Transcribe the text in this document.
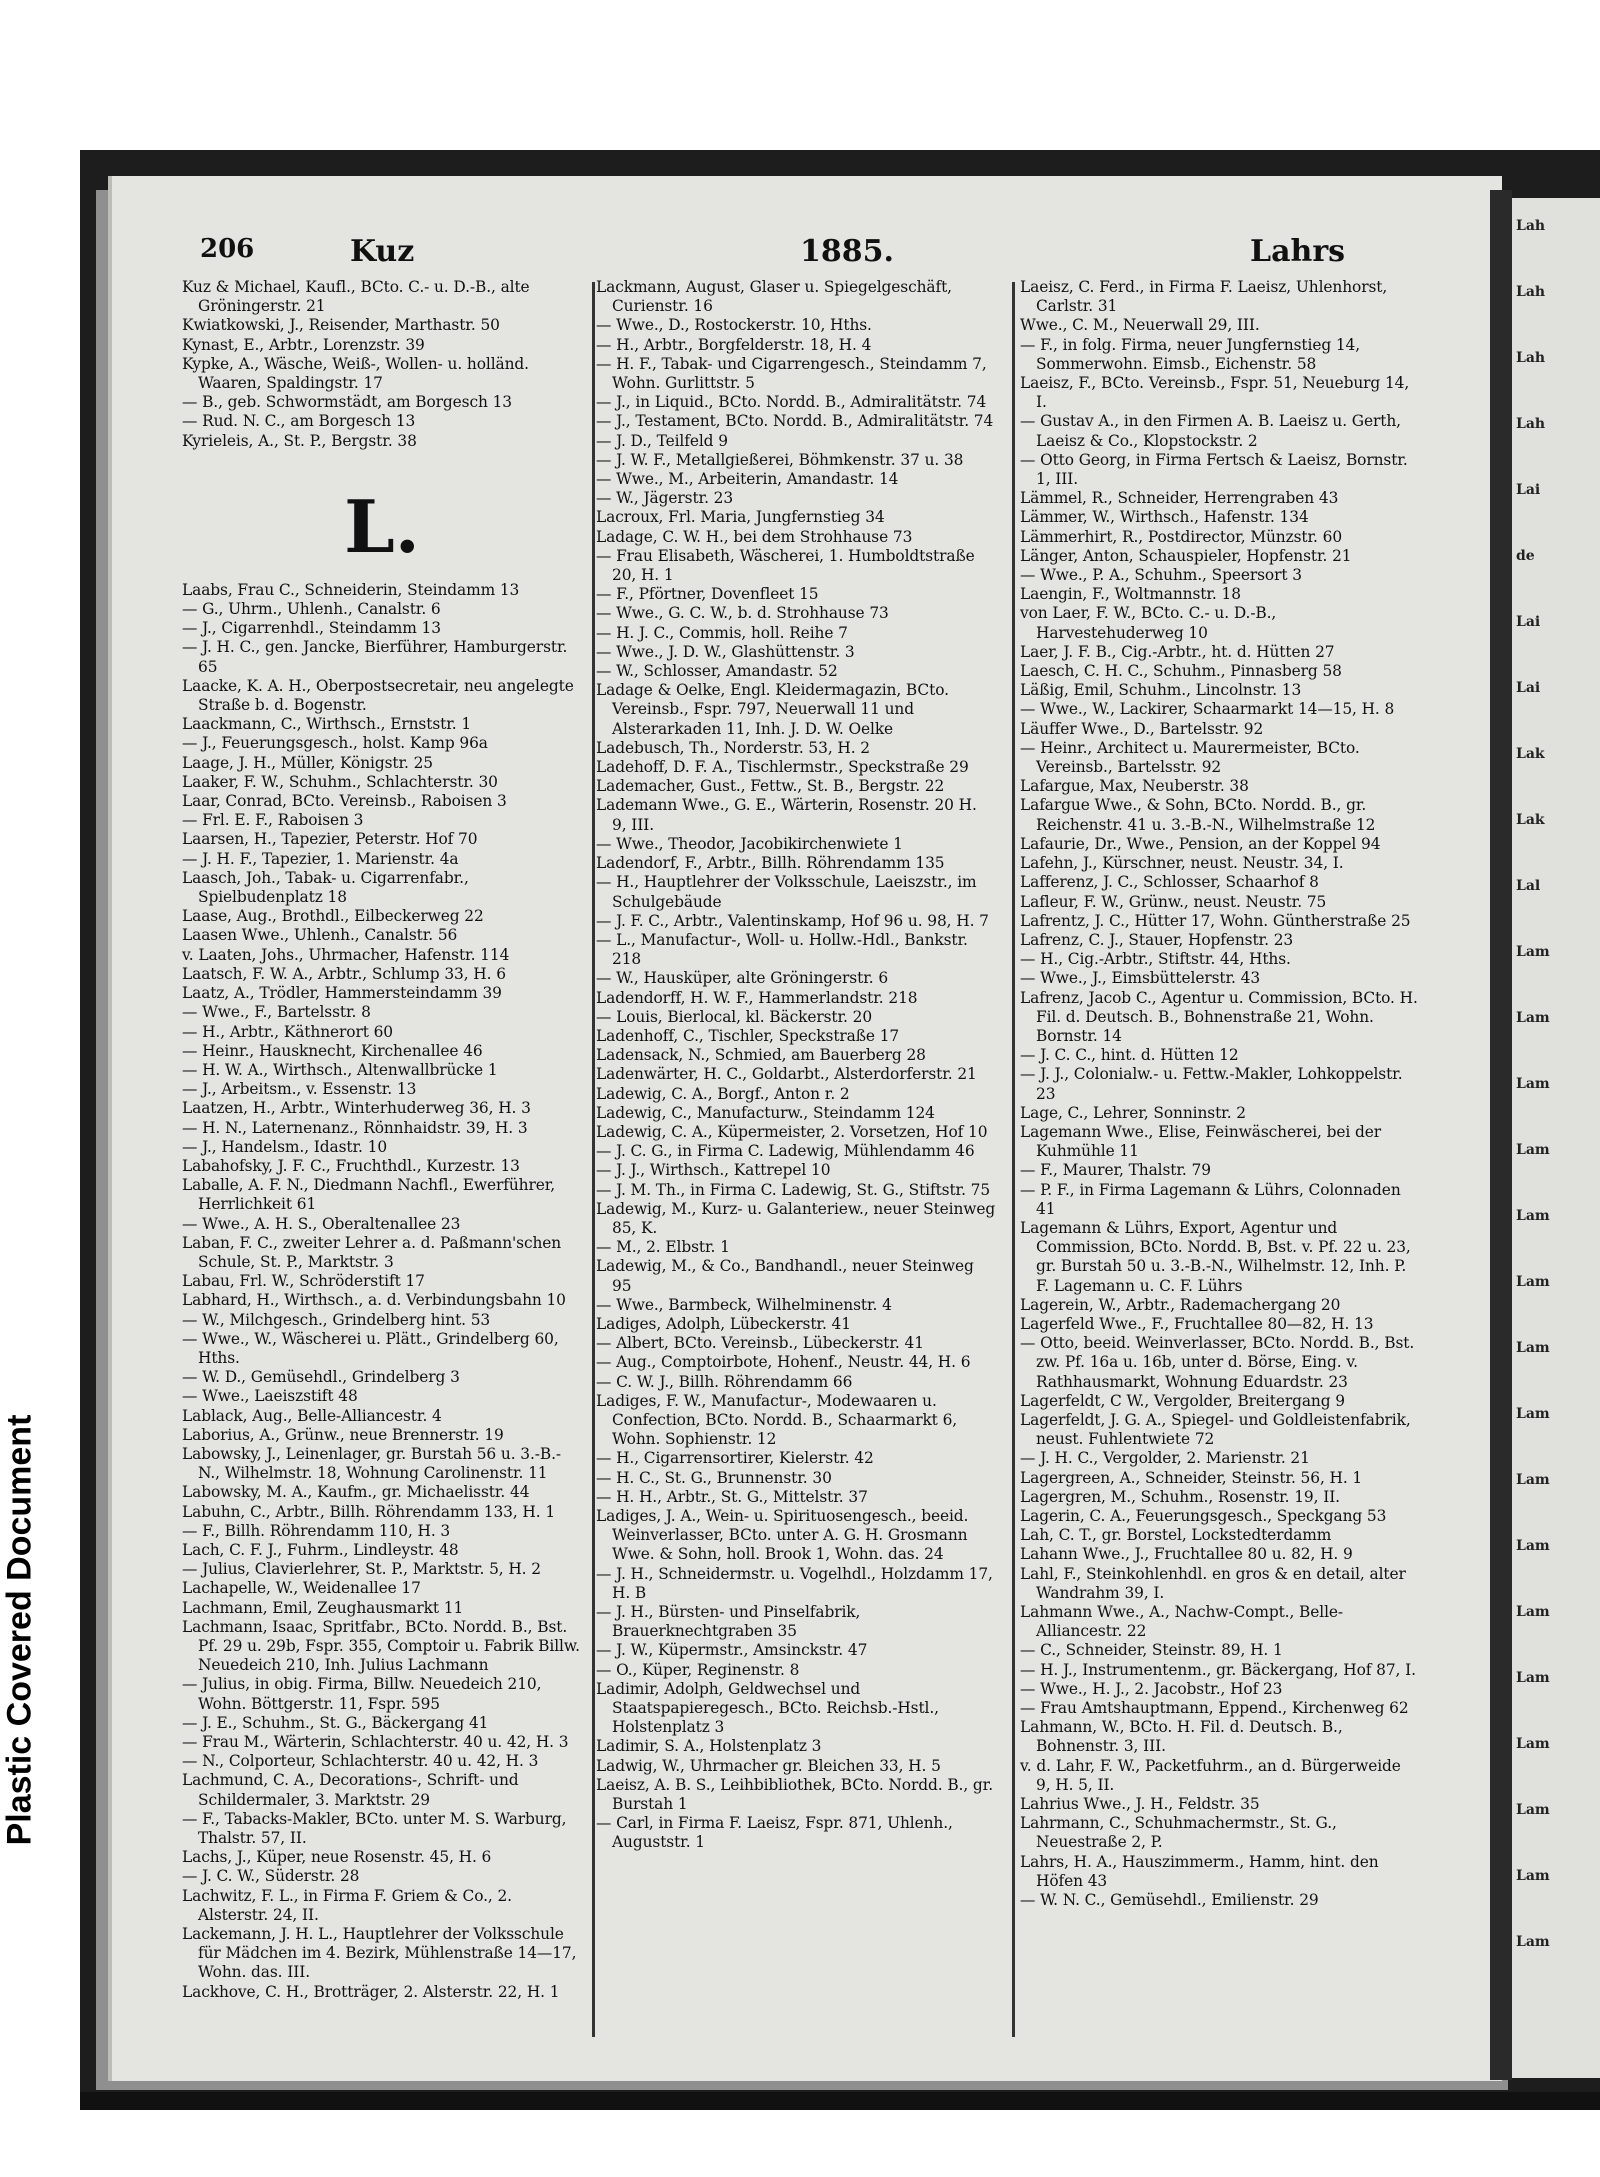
Plastic Covered Document
Lah
Lah
Lah
Lah
Lai
de
Lai
Lai
Lak
Lak
Lal
Lam
Lam
Lam
Lam
Lam
Lam
Lam
Lam
Lam
Lam
Lam
Lam
Lam
Lam
Lam
Lam
206	Kuz	1885.	Lahrs

Kuz & Michael, Kaufl., BCto. C.- u. D.-B., alte Gröningerstr. 21

Kwiatkowski, J., Reisender, Marthastr. 50

Kynast, E., Arbtr., Lorenzstr. 39

Kypke, A., Wäsche, Weiß-, Wollen- u. holländ. Waaren, Spaldingstr. 17

— B., geb. Schwormstädt, am Borgesch 13

— Rud. N. C., am Borgesch 13

Kyrieleis, A., St. P., Bergstr. 38

L.

Laabs, Frau C., Schneiderin, Steindamm 13

— G., Uhrm., Uhlenh., Canalstr. 6

— J., Cigarrenhdl., Steindamm 13

— J. H. C., gen. Jancke, Bierführer, Hamburgerstr. 65

Laacke, K. A. H., Oberpostsecretair, neu angelegte Straße b. d. Bogenstr.

Laackmann, C., Wirthsch., Ernststr. 1

— J., Feuerungsgesch., holst. Kamp 96a

Laage, J. H., Müller, Königstr. 25

Laaker, F. W., Schuhm., Schlachterstr. 30

Laar, Conrad, BCto. Vereinsb., Raboisen 3

— Frl. E. F., Raboisen 3

Laarsen, H., Tapezier, Peterstr. Hof 70

— J. H. F., Tapezier, 1. Marienstr. 4a

Laasch, Joh., Tabak- u. Cigarrenfabr., Spielbudenplatz 18

Laase, Aug., Brothdl., Eilbeckerweg 22

Laasen Wwe., Uhlenh., Canalstr. 56

v. Laaten, Johs., Uhrmacher, Hafenstr. 114

Laatsch, F. W. A., Arbtr., Schlump 33, H. 6

Laatz, A., Trödler, Hammersteindamm 39

— Wwe., F., Bartelsstr. 8

— H., Arbtr., Käthnerort 60

— Heinr., Hausknecht, Kirchenallee 46

— H. W. A., Wirthsch., Altenwallbrücke 1

— J., Arbeitsm., v. Essenstr. 13

Laatzen, H., Arbtr., Winterhuderweg 36, H. 3

— H. N., Laternenanz., Rönnhaidstr. 39, H. 3

— J., Handelsm., Idastr. 10

Labahofsky, J. F. C., Fruchthdl., Kurzestr. 13

Laballe, A. F. N., Diedmann Nachfl., Ewerführer, Herrlichkeit 61

— Wwe., A. H. S., Oberaltenallee 23

Laban, F. C., zweiter Lehrer a. d. Paßmann'schen Schule, St. P., Marktstr. 3

Labau, Frl. W., Schröderstift 17

Labhard, H., Wirthsch., a. d. Verbindungsbahn 10

— W., Milchgesch., Grindelberg hint. 53

— Wwe., W., Wäscherei u. Plätt., Grindelberg 60, Hths.

— W. D., Gemüsehdl., Grindelberg 3

— Wwe., Laeiszstift 48

Lablack, Aug., Belle-Alliancestr. 4

Laborius, A., Grünw., neue Brennerstr. 19

Labowsky, J., Leinenlager, gr. Burstah 56 u. 3.-B.-N., Wilhelmstr. 18, Wohnung Carolinenstr. 11

Labowsky, M. A., Kaufm., gr. Michaelisstr. 44

Labuhn, C., Arbtr., Billh. Röhrendamm 133, H. 1

— F., Billh. Röhrendamm 110, H. 3

Lach, C. F. J., Fuhrm., Lindleystr. 48

— Julius, Clavierlehrer, St. P., Marktstr. 5, H. 2

Lachapelle, W., Weidenallee 17

Lachmann, Emil, Zeughausmarkt 11

Lachmann, Isaac, Spritfabr., BCto. Nordd. B., Bst. Pf. 29 u. 29b, Fspr. 355, Comptoir u. Fabrik Billw. Neuedeich 210, Inh. Julius Lachmann

— Julius, in obig. Firma, Billw. Neuedeich 210, Wohn. Böttgerstr. 11, Fspr. 595

— J. E., Schuhm., St. G., Bäckergang 41

— Frau M., Wärterin, Schlachterstr. 40 u. 42, H. 3

— N., Colporteur, Schlachterstr. 40 u. 42, H. 3

Lachmund, C. A., Decorations-, Schrift- und Schildermaler, 3. Marktstr. 29

— F., Tabacks-Makler, BCto. unter M. S. Warburg, Thalstr. 57, II.

Lachs, J., Küper, neue Rosenstr. 45, H. 6

— J. C. W., Süderstr. 28

Lachwitz, F. L., in Firma F. Griem & Co., 2. Alsterstr. 24, II.

Lackemann, J. H. L., Hauptlehrer der Volksschule für Mädchen im 4. Bezirk, Mühlenstraße 14—17, Wohn. das. III.

Lackhove, C. H., Brotträger, 2. Alsterstr. 22, H. 1

Lackmann, August, Glaser u. Spiegelgeschäft, Curienstr. 16

— Wwe., D., Rostockerstr. 10, Hths.

— H., Arbtr., Borgfelderstr. 18, H. 4

— H. F., Tabak- und Cigarrengesch., Steindamm 7, Wohn. Gurlittstr. 5

— J., in Liquid., BCto. Nordd. B., Admiralitätstr. 74

— J., Testament, BCto. Nordd. B., Admiralitätstr. 74

— J. D., Teilfeld 9

— J. W. F., Metallgießerei, Böhmkenstr. 37 u. 38

— Wwe., M., Arbeiterin, Amandastr. 14

— W., Jägerstr. 23

Lacroux, Frl. Maria, Jungfernstieg 34

Ladage, C. W. H., bei dem Strohhause 73

— Frau Elisabeth, Wäscherei, 1. Humboldtstraße 20, H. 1

— F., Pförtner, Dovenfleet 15

— Wwe., G. C. W., b. d. Strohhause 73

— H. J. C., Commis, holl. Reihe 7

— Wwe., J. D. W., Glashüttenstr. 3

— W., Schlosser, Amandastr. 52

Ladage & Oelke, Engl. Kleidermagazin, BCto. Vereinsb., Fspr. 797, Neuerwall 11 und Alsterarkaden 11, Inh. J. D. W. Oelke

Ladebusch, Th., Norderstr. 53, H. 2

Ladehoff, D. F. A., Tischlermstr., Speckstraße 29

Lademacher, Gust., Fettw., St. B., Bergstr. 22

Lademann Wwe., G. E., Wärterin, Rosenstr. 20 H. 9, III.

— Wwe., Theodor, Jacobikirchenwiete 1

Ladendorf, F., Arbtr., Billh. Röhrendamm 135

— H., Hauptlehrer der Volksschule, Laeiszstr., im Schulgebäude

— J. F. C., Arbtr., Valentinskamp, Hof 96 u. 98, H. 7

— L., Manufactur-, Woll- u. Hollw.-Hdl., Bankstr. 218

— W., Hausküper, alte Gröningerstr. 6

Ladendorff, H. W. F., Hammerlandstr. 218

— Louis, Bierlocal, kl. Bäckerstr. 20

Ladenhoff, C., Tischler, Speckstraße 17

Ladensack, N., Schmied, am Bauerberg 28

Ladenwärter, H. C., Goldarbt., Alsterdorferstr. 21

Ladewig, C. A., Borgf., Anton r. 2

Ladewig, C., Manufacturw., Steindamm 124

Ladewig, C. A., Küpermeister, 2. Vorsetzen, Hof 10

— J. C. G., in Firma C. Ladewig, Mühlendamm 46

— J. J., Wirthsch., Kattrepel 10

— J. M. Th., in Firma C. Ladewig, St. G., Stiftstr. 75

Ladewig, M., Kurz- u. Galanteriew., neuer Steinweg 85, K.

— M., 2. Elbstr. 1

Ladewig, M., & Co., Bandhandl., neuer Steinweg 95

— Wwe., Barmbeck, Wilhelminenstr. 4

Ladiges, Adolph, Lübeckerstr. 41

— Albert, BCto. Vereinsb., Lübeckerstr. 41

— Aug., Comptoirbote, Hohenf., Neustr. 44, H. 6

— C. W. J., Billh. Röhrendamm 66

Ladiges, F. W., Manufactur-, Modewaaren u. Confection, BCto. Nordd. B., Schaarmarkt 6, Wohn. Sophienstr. 12

— H., Cigarrensortirer, Kielerstr. 42

— H. C., St. G., Brunnenstr. 30

— H. H., Arbtr., St. G., Mittelstr. 37

Ladiges, J. A., Wein- u. Spirituosengesch., beeid. Weinverlasser, BCto. unter A. G. H. Grosmann Wwe. & Sohn, holl. Brook 1, Wohn. das. 24

— J. H., Schneidermstr. u. Vogelhdl., Holzdamm 17, H. B

— J. H., Bürsten- und Pinselfabrik, Brauerknechtgraben 35

— J. W., Küpermstr., Amsinckstr. 47

— O., Küper, Reginenstr. 8

Ladimir, Adolph, Geldwechsel und Staatspapieregesch., BCto. Reichsb.-Hstl., Holstenplatz 3

Ladimir, S. A., Holstenplatz 3

Ladwig, W., Uhrmacher gr. Bleichen 33, H. 5

Laeisz, A. B. S., Leihbibliothek, BCto. Nordd. B., gr. Burstah 1

— Carl, in Firma F. Laeisz, Fspr. 871, Uhlenh., Auguststr. 1

Laeisz, C. Ferd., in Firma F. Laeisz, Uhlenhorst, Carlstr. 31

Wwe., C. M., Neuerwall 29, III.

— F., in folg. Firma, neuer Jungfernstieg 14, Sommerwohn. Eimsb., Eichenstr. 58

Laeisz, F., BCto. Vereinsb., Fspr. 51, Neueburg 14, I.

— Gustav A., in den Firmen A. B. Laeisz u. Gerth, Laeisz & Co., Klopstockstr. 2

— Otto Georg, in Firma Fertsch & Laeisz, Bornstr. 1, III.

Lämmel, R., Schneider, Herrengraben 43

Lämmer, W., Wirthsch., Hafenstr. 134

Lämmerhirt, R., Postdirector, Münzstr. 60

Länger, Anton, Schauspieler, Hopfenstr. 21

— Wwe., P. A., Schuhm., Speersort 3

Laengin, F., Woltmannstr. 18

von Laer, F. W., BCto. C.- u. D.-B., Harvestehuderweg 10

Laer, J. F. B., Cig.-Arbtr., ht. d. Hütten 27

Laesch, C. H. C., Schuhm., Pinnasberg 58

Läßig, Emil, Schuhm., Lincolnstr. 13

— Wwe., W., Lackirer, Schaarmarkt 14—15, H. 8

Läuffer Wwe., D., Bartelsstr. 92

— Heinr., Architect u. Maurermeister, BCto. Vereinsb., Bartelsstr. 92

Lafargue, Max, Neuberstr. 38

Lafargue Wwe., & Sohn, BCto. Nordd. B., gr. Reichenstr. 41 u. 3.-B.-N., Wilhelmstraße 12

Lafaurie, Dr., Wwe., Pension, an der Koppel 94

Lafehn, J., Kürschner, neust. Neustr. 34, I.

Lafferenz, J. C., Schlosser, Schaarhof 8

Lafleur, F. W., Grünw., neust. Neustr. 75

Lafrentz, J. C., Hütter 17, Wohn. Güntherstraße 25

Lafrenz, C. J., Stauer, Hopfenstr. 23

— H., Cig.-Arbtr., Stiftstr. 44, Hths.

— Wwe., J., Eimsbüttelerstr. 43

Lafrenz, Jacob C., Agentur u. Commission, BCto. H. Fil. d. Deutsch. B., Bohnenstraße 21, Wohn. Bornstr. 14

— J. C. C., hint. d. Hütten 12

— J. J., Colonialw.- u. Fettw.-Makler, Lohkoppelstr. 23

Lage, C., Lehrer, Sonninstr. 2

Lagemann Wwe., Elise, Feinwäscherei, bei der Kuhmühle 11

— F., Maurer, Thalstr. 79

— P. F., in Firma Lagemann & Lührs, Colonnaden 41

Lagemann & Lührs, Export, Agentur und Commission, BCto. Nordd. B, Bst. v. Pf. 22 u. 23, gr. Burstah 50 u. 3.-B.-N., Wilhelmstr. 12, Inh. P. F. Lagemann u. C. F. Lührs

Lagerein, W., Arbtr., Rademachergang 20

Lagerfeld Wwe., F., Fruchtallee 80—82, H. 13

— Otto, beeid. Weinverlasser, BCto. Nordd. B., Bst. zw. Pf. 16a u. 16b, unter d. Börse, Eing. v. Rathhausmarkt, Wohnung Eduardstr. 23

Lagerfeldt, C W., Vergolder, Breitergang 9

Lagerfeldt, J. G. A., Spiegel- und Goldleistenfabrik, neust. Fuhlentwiete 72

— J. H. C., Vergolder, 2. Marienstr. 21

Lagergreen, A., Schneider, Steinstr. 56, H. 1

Lagergren, M., Schuhm., Rosenstr. 19, II.

Lagerin, C. A., Feuerungsgesch., Speckgang 53

Lah, C. T., gr. Borstel, Lockstedterdamm

Lahann Wwe., J., Fruchtallee 80 u. 82, H. 9

Lahl, F., Steinkohlenhdl. en gros & en detail, alter Wandrahm 39, I.

Lahmann Wwe., A., Nachw-Compt., Belle-Alliancestr. 22

— C., Schneider, Steinstr. 89, H. 1

— H. J., Instrumentenm., gr. Bäckergang, Hof 87, I.

— Wwe., H. J., 2. Jacobstr., Hof 23

— Frau Amtshauptmann, Eppend., Kirchenweg 62

Lahmann, W., BCto. H. Fil. d. Deutsch. B., Bohnenstr. 3, III.

v. d. Lahr, F. W., Packetfuhrm., an d. Bürgerweide 9, H. 5, II.

Lahrius Wwe., J. H., Feldstr. 35

Lahrmann, C., Schuhmachermstr., St. G., Neuestraße 2, P.

Lahrs, H. A., Hauszimmerm., Hamm, hint. den Höfen 43

— W. N. C., Gemüsehdl., Emilienstr. 29
